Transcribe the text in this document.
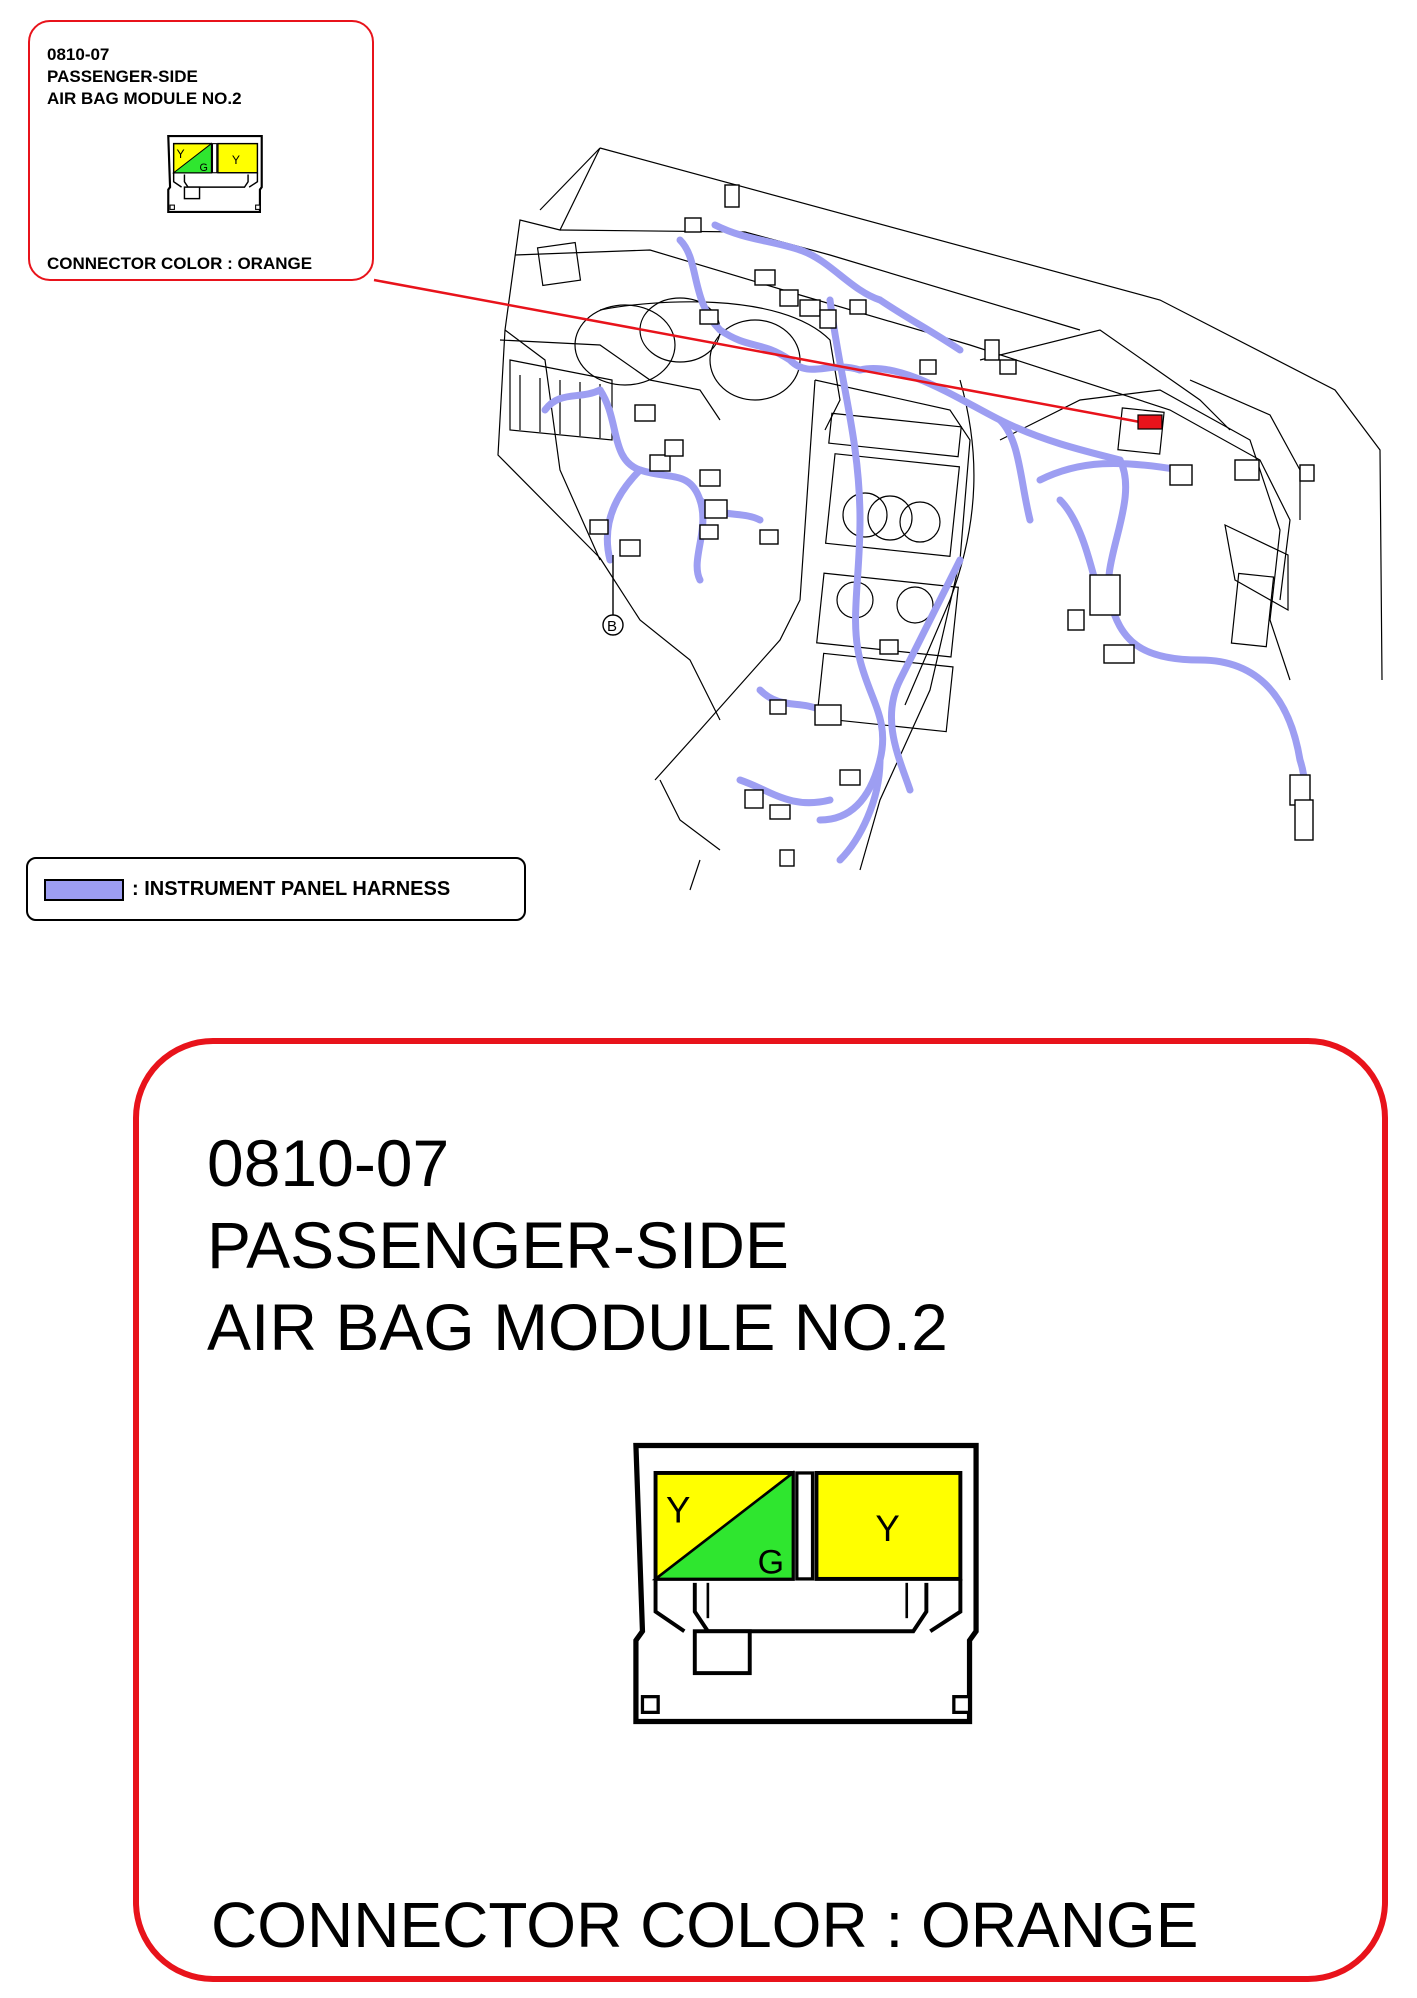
0810-07
PASSENGER-SIDE
AIR BAG MODULE NO.2
Y
G
Y
CONNECTOR COLOR : ORANGE
B
: INSTRUMENT PANEL HARNESS
0810-07
PASSENGER-SIDE
AIR BAG MODULE NO.2
Y
G
Y
CONNECTOR COLOR : ORANGE
